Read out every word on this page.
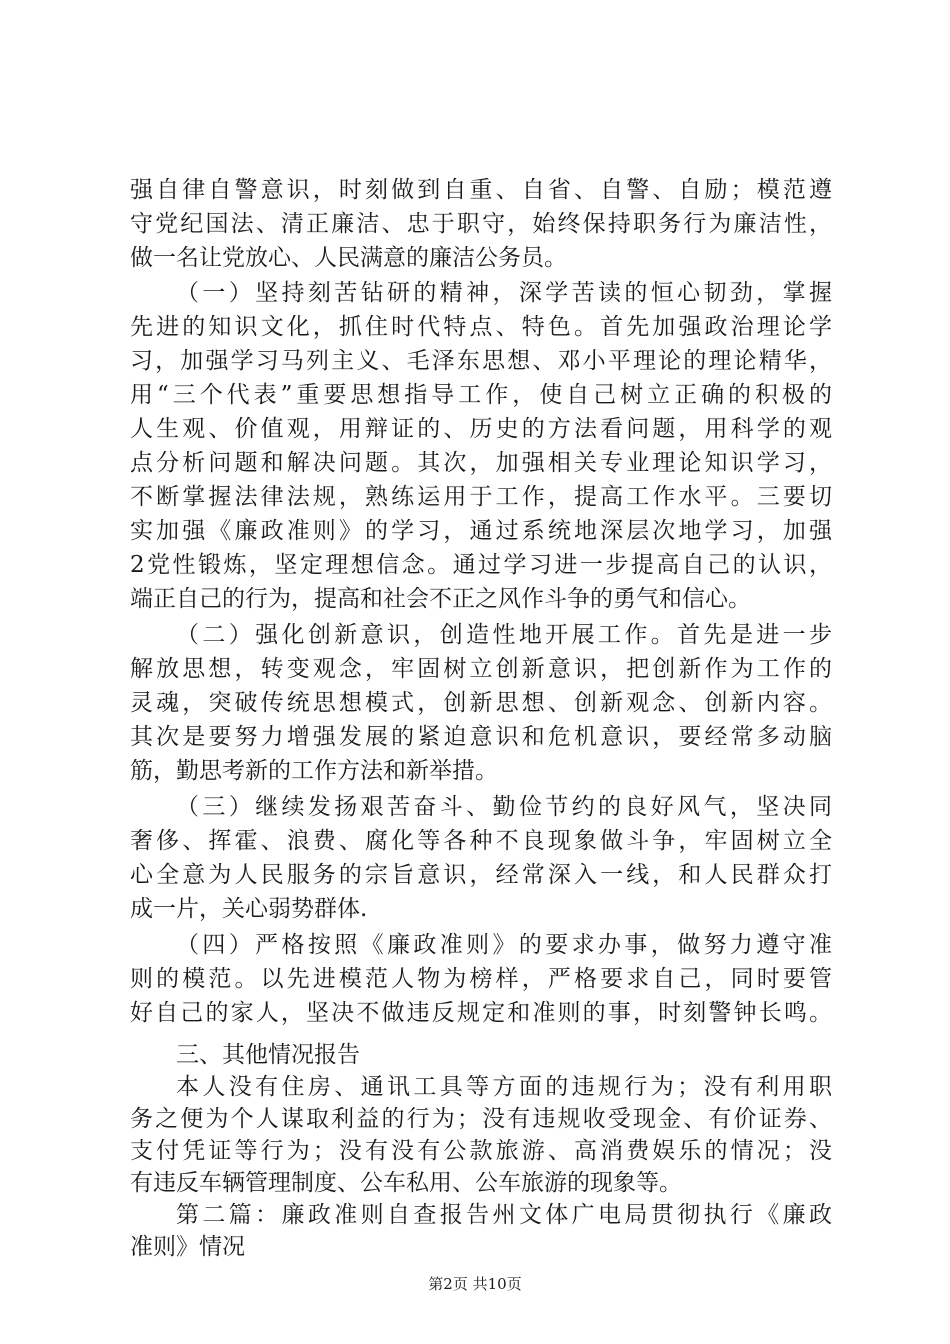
强自律自警意识，时刻做到自重、自省、自警、自励；模范遵
守党纪国法、清正廉洁、忠于职守，始终保持职务行为廉洁性，
做一名让党放心、人民满意的廉洁公务员。
（一）坚持刻苦钻研的精神，深学苦读的恒心韧劲，掌握
先进的知识文化，抓住时代特点、特色。首先加强政治理论学
习，加强学习马列主义、毛泽东思想、邓小平理论的理论精华，
用“三个代表”重要思想指导工作，使自己树立正确的积极的
人生观、价值观，用辩证的、历史的方法看问题，用科学的观
点分析问题和解决问题。其次，加强相关专业理论知识学习，
不断掌握法律法规，熟练运用于工作，提高工作水平。三要切
实加强《廉政准则》的学习，通过系统地深层次地学习，加强
2党性锻炼，坚定理想信念。通过学习进一步提高自己的认识，
端正自己的行为，提高和社会不正之风作斗争的勇气和信心。
（二）强化创新意识，创造性地开展工作。首先是进一步
解放思想，转变观念，牢固树立创新意识，把创新作为工作的
灵魂，突破传统思想模式，创新思想、创新观念、创新内容。
其次是要努力增强发展的紧迫意识和危机意识，要经常多动脑
筋，勤思考新的工作方法和新举措。
（三）继续发扬艰苦奋斗、勤俭节约的良好风气，坚决同
奢侈、挥霍、浪费、腐化等各种不良现象做斗争，牢固树立全
心全意为人民服务的宗旨意识，经常深入一线，和人民群众打
成一片，关心弱势群体.
（四）严格按照《廉政准则》的要求办事，做努力遵守准
则的模范。以先进模范人物为榜样，严格要求自己，同时要管
好自己的家人，坚决不做违反规定和准则的事，时刻警钟长鸣。
三、其他情况报告
本人没有住房、通讯工具等方面的违规行为；没有利用职
务之便为个人谋取利益的行为；没有违规收受现金、有价证券、
支付凭证等行为；没有没有公款旅游、高消费娱乐的情况；没
有违反车辆管理制度、公车私用、公车旅游的现象等。
第二篇：廉政准则自查报告州文体广电局贯彻执行《廉政
准则》情况
第2页 共10页
